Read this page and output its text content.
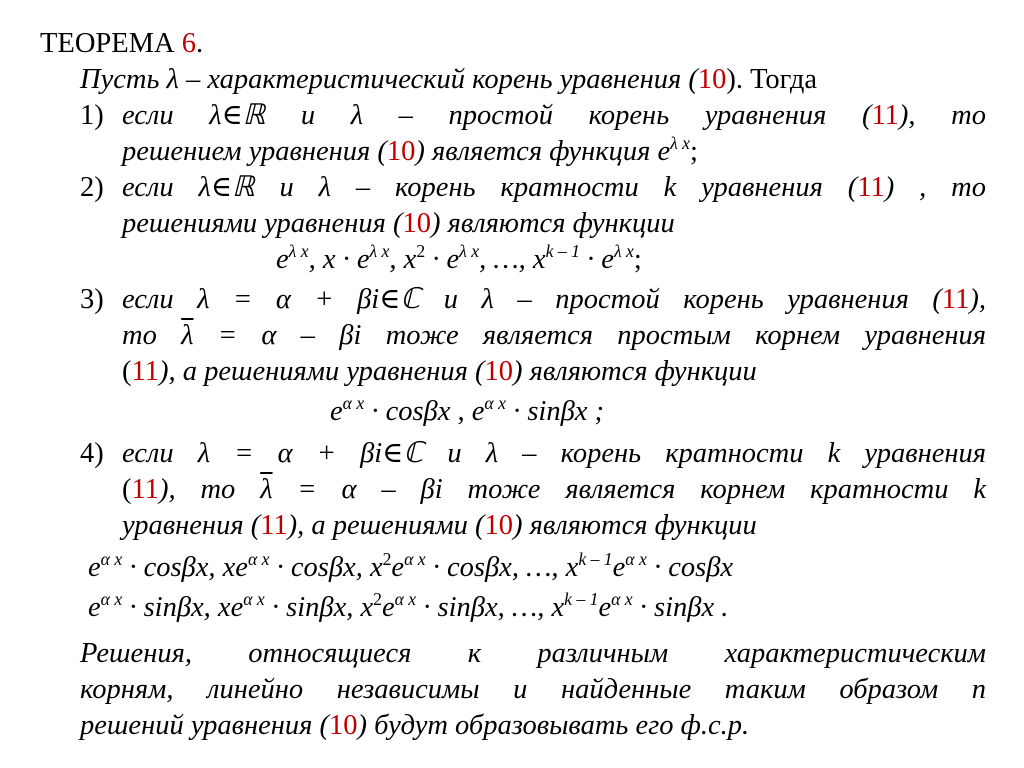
ТЕОРЕМА 6.
Пусть λ – характеристический корень уравнения (10). Тогда
1) если λ∈ℝ и λ – простой корень уравнения (11), то
решением уравнения (10) является функция $e^{\lambda x}$;
2) если λ∈ℝ и λ – корень кратности k уравнения (11) , то
решениями уравнения (10) являются функции
$e^{\lambda x}$, $x \cdot e^{\lambda x}$, $x^2 \cdot e^{\lambda x}$, …, $x^{k - 1} \cdot e^{\lambda x}$;
3) если λ = α + βi∈ℂ и λ – простой корень уравнения (11),
то $\overline{\lambda} = \alpha - \beta i$ тоже является простым корнем уравнения
(11), а решениями уравнения (10) являются функции
$e^{\alpha x} \cdot \cos\beta x$ , $e^{\alpha x} \cdot \sin\beta x$ ;
4) если λ = α + βi∈ℂ и λ – корень кратности k уравнения
(11), то $\overline{\lambda} = \alpha - \beta i$ тоже является корнем кратности k
уравнения (11), а решениями (10) являются функции
$e^{\alpha x} \cdot \cos\beta x$, $xe^{\alpha x} \cdot \cos\beta x$, $x^2e^{\alpha x} \cdot \cos\beta x$, …, $x^{k - 1}e^{\alpha x} \cdot \cos\beta x$
$e^{\alpha x} \cdot \sin\beta x$, $xe^{\alpha x} \cdot \sin\beta x$, $x^2e^{\alpha x} \cdot \sin\beta x$, …, $x^{k - 1}e^{\alpha x} \cdot \sin\beta x$ .
Решения, относящиеся к различным характеристическим
корням, линейно независимы и найденные таким образом n
решений уравнения (10) будут образовывать его ф.с.р.
